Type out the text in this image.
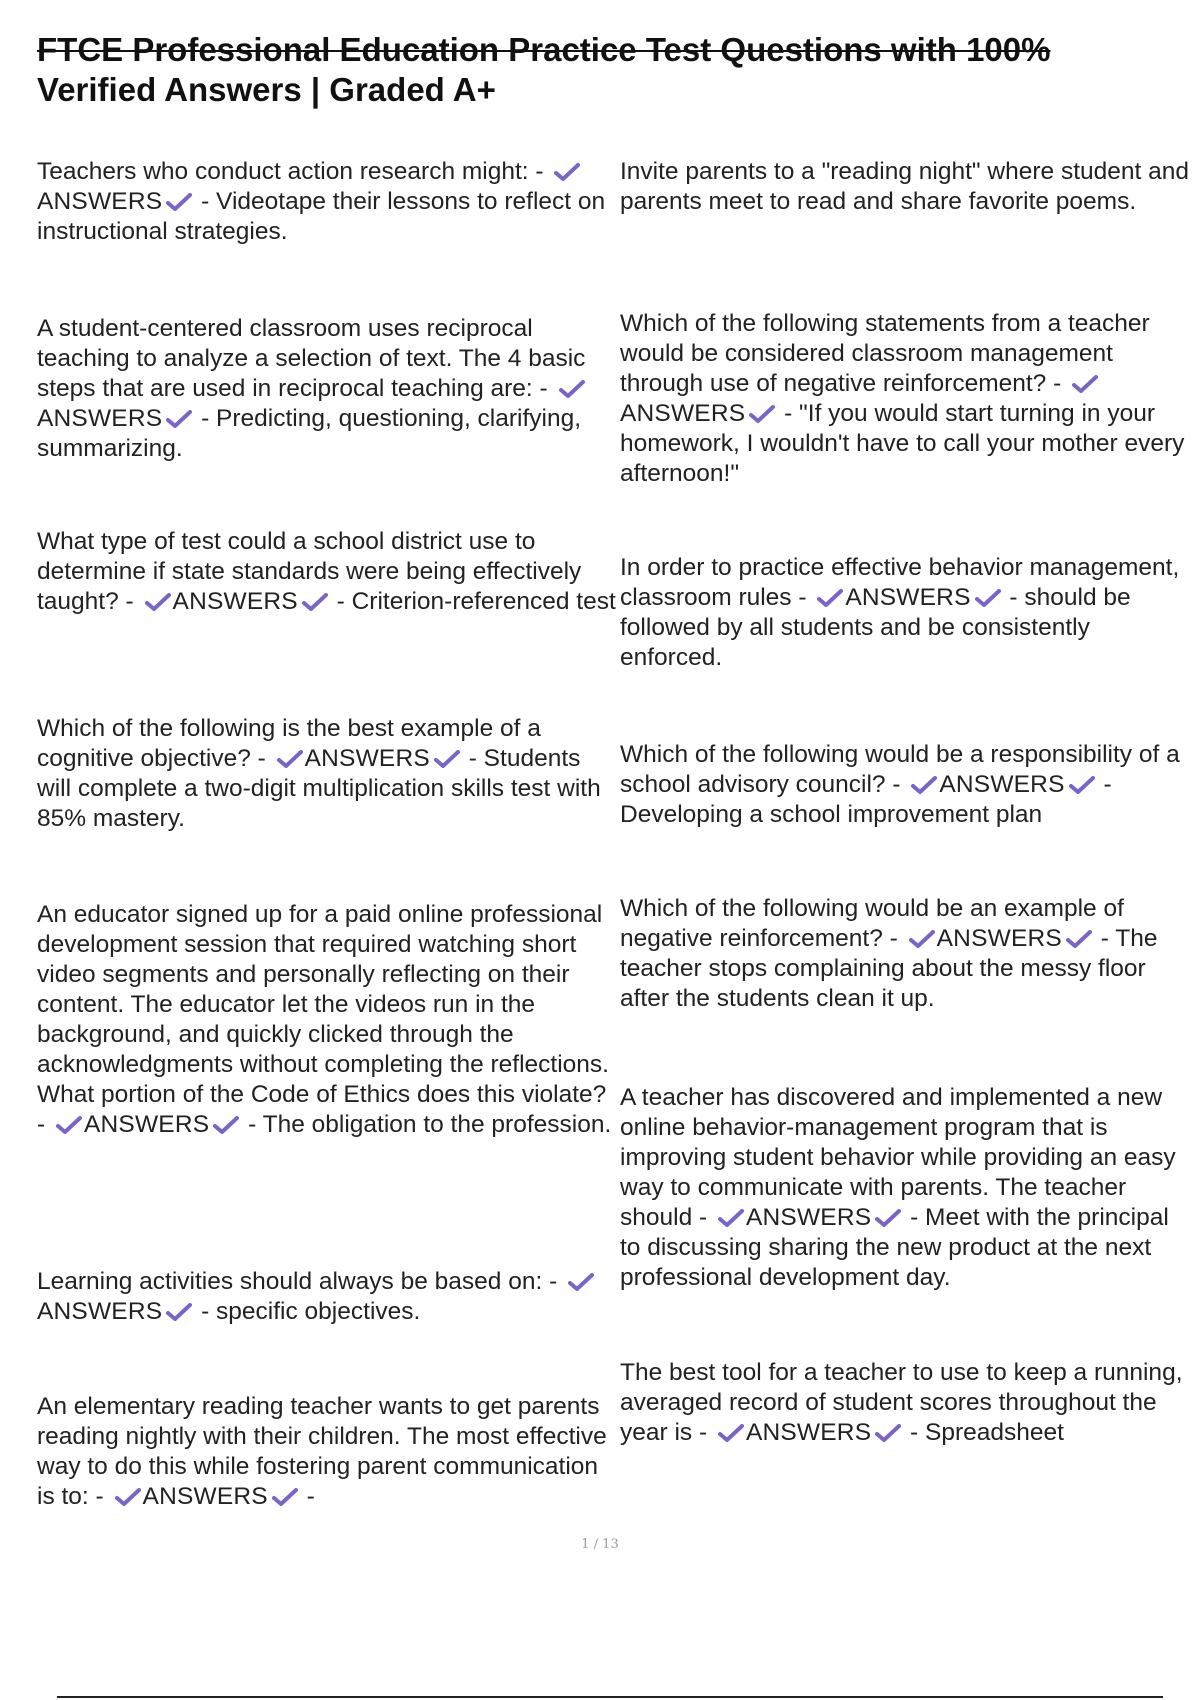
FTCE Professional Education Practice Test Questions with 100%
Verified Answers | Graded A+

Teachers who conduct action research might: -
ANSWERS - Videotape their lessons to reflect on instructional strategies.

A student-centered classroom uses reciprocal teaching to analyze a selection of text. The 4 basic steps that are used in reciprocal teaching are: -
ANSWERS - Predicting, questioning, clarifying, summarizing.

What type of test could a school district use to determine if state standards were being effectively taught? - ANSWERS - Criterion-referenced test

Which of the following is the best example of a cognitive objective? - ANSWERS - Students will complete a two-digit multiplication skills test with 85% mastery.

An educator signed up for a paid online professional development session that required watching short video segments and personally reflecting on their content. The educator let the videos run in the background, and quickly clicked through the acknowledgments without completing the reflections. What portion of the Code of Ethics does this violate? - ANSWERS - The obligation to the profession.

Learning activities should always be based on: -
ANSWERS - specific objectives.

An elementary reading teacher wants to get parents reading nightly with their children. The most effective way to do this while fostering parent communication is to: - ANSWERS -

Invite parents to a "reading night" where student and parents meet to read and share favorite poems.

Which of the following statements from a teacher would be considered classroom management through use of negative reinforcement? -
ANSWERS - "If you would start turning in your homework, I wouldn't have to call your mother every afternoon!"

In order to practice effective behavior management, classroom rules - ANSWERS - should be followed by all students and be consistently enforced.

Which of the following would be a responsibility of a school advisory council? - ANSWERS - Developing a school improvement plan

Which of the following would be an example of negative reinforcement? - ANSWERS - The teacher stops complaining about the messy floor after the students clean it up.

A teacher has discovered and implemented a new online behavior-management program that is improving student behavior while providing an easy way to communicate with parents. The teacher should - ANSWERS - Meet with the principal to discussing sharing the new product at the next professional development day.

The best tool for a teacher to use to keep a running, averaged record of student scores throughout the year is - ANSWERS - Spreadsheet

1 / 13
